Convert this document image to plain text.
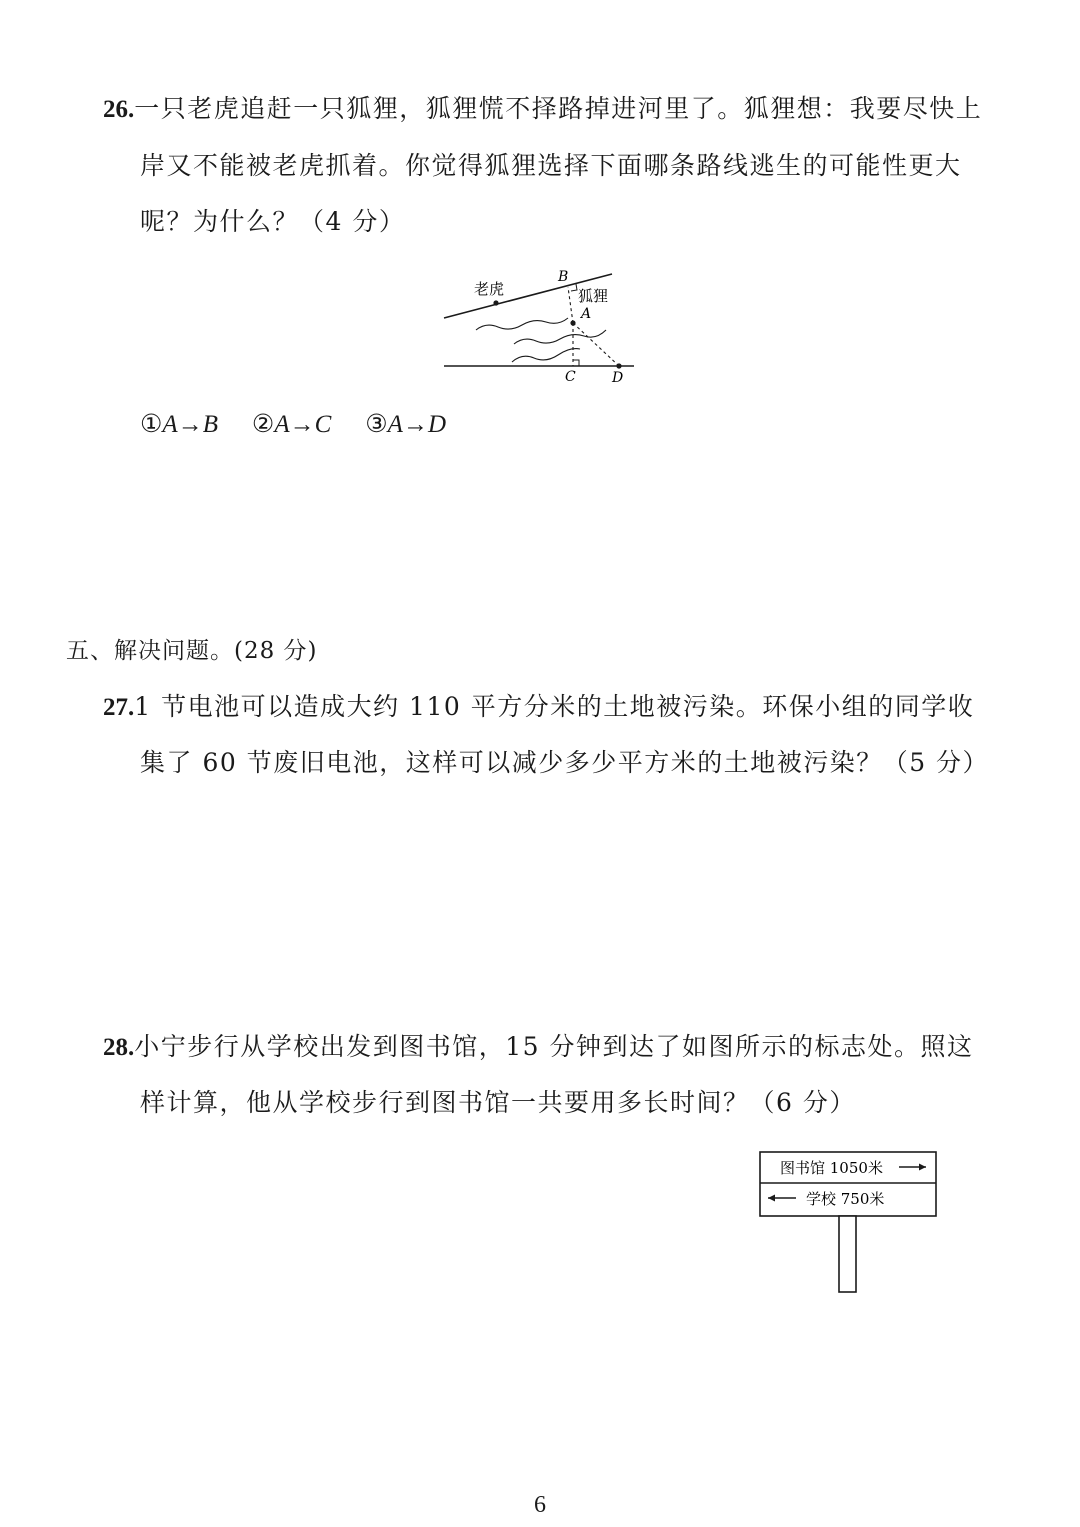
26.一只老虎追赶一只狐狸，狐狸慌不择路掉进河里了。狐狸想：我要尽快上
岸又不能被老虎抓着。你觉得狐狸选择下面哪条路线逃生的可能性更大
呢？为什么？（4 分）
老虎	狐狸
B
A
C	D
①A→B ②A→C ③A→D
五、解决问题。(28 分)
27.1 节电池可以造成大约 110 平方分米的土地被污染。环保小组的同学收
集了 60 节废旧电池，这样可以减少多少平方米的土地被污染？（5 分）
28.小宁步行从学校出发到图书馆，15 分钟到达了如图所示的标志处。照这
样计算，他从学校步行到图书馆一共要用多长时间？（6 分）
图书馆 1050米
学校 750米
6
